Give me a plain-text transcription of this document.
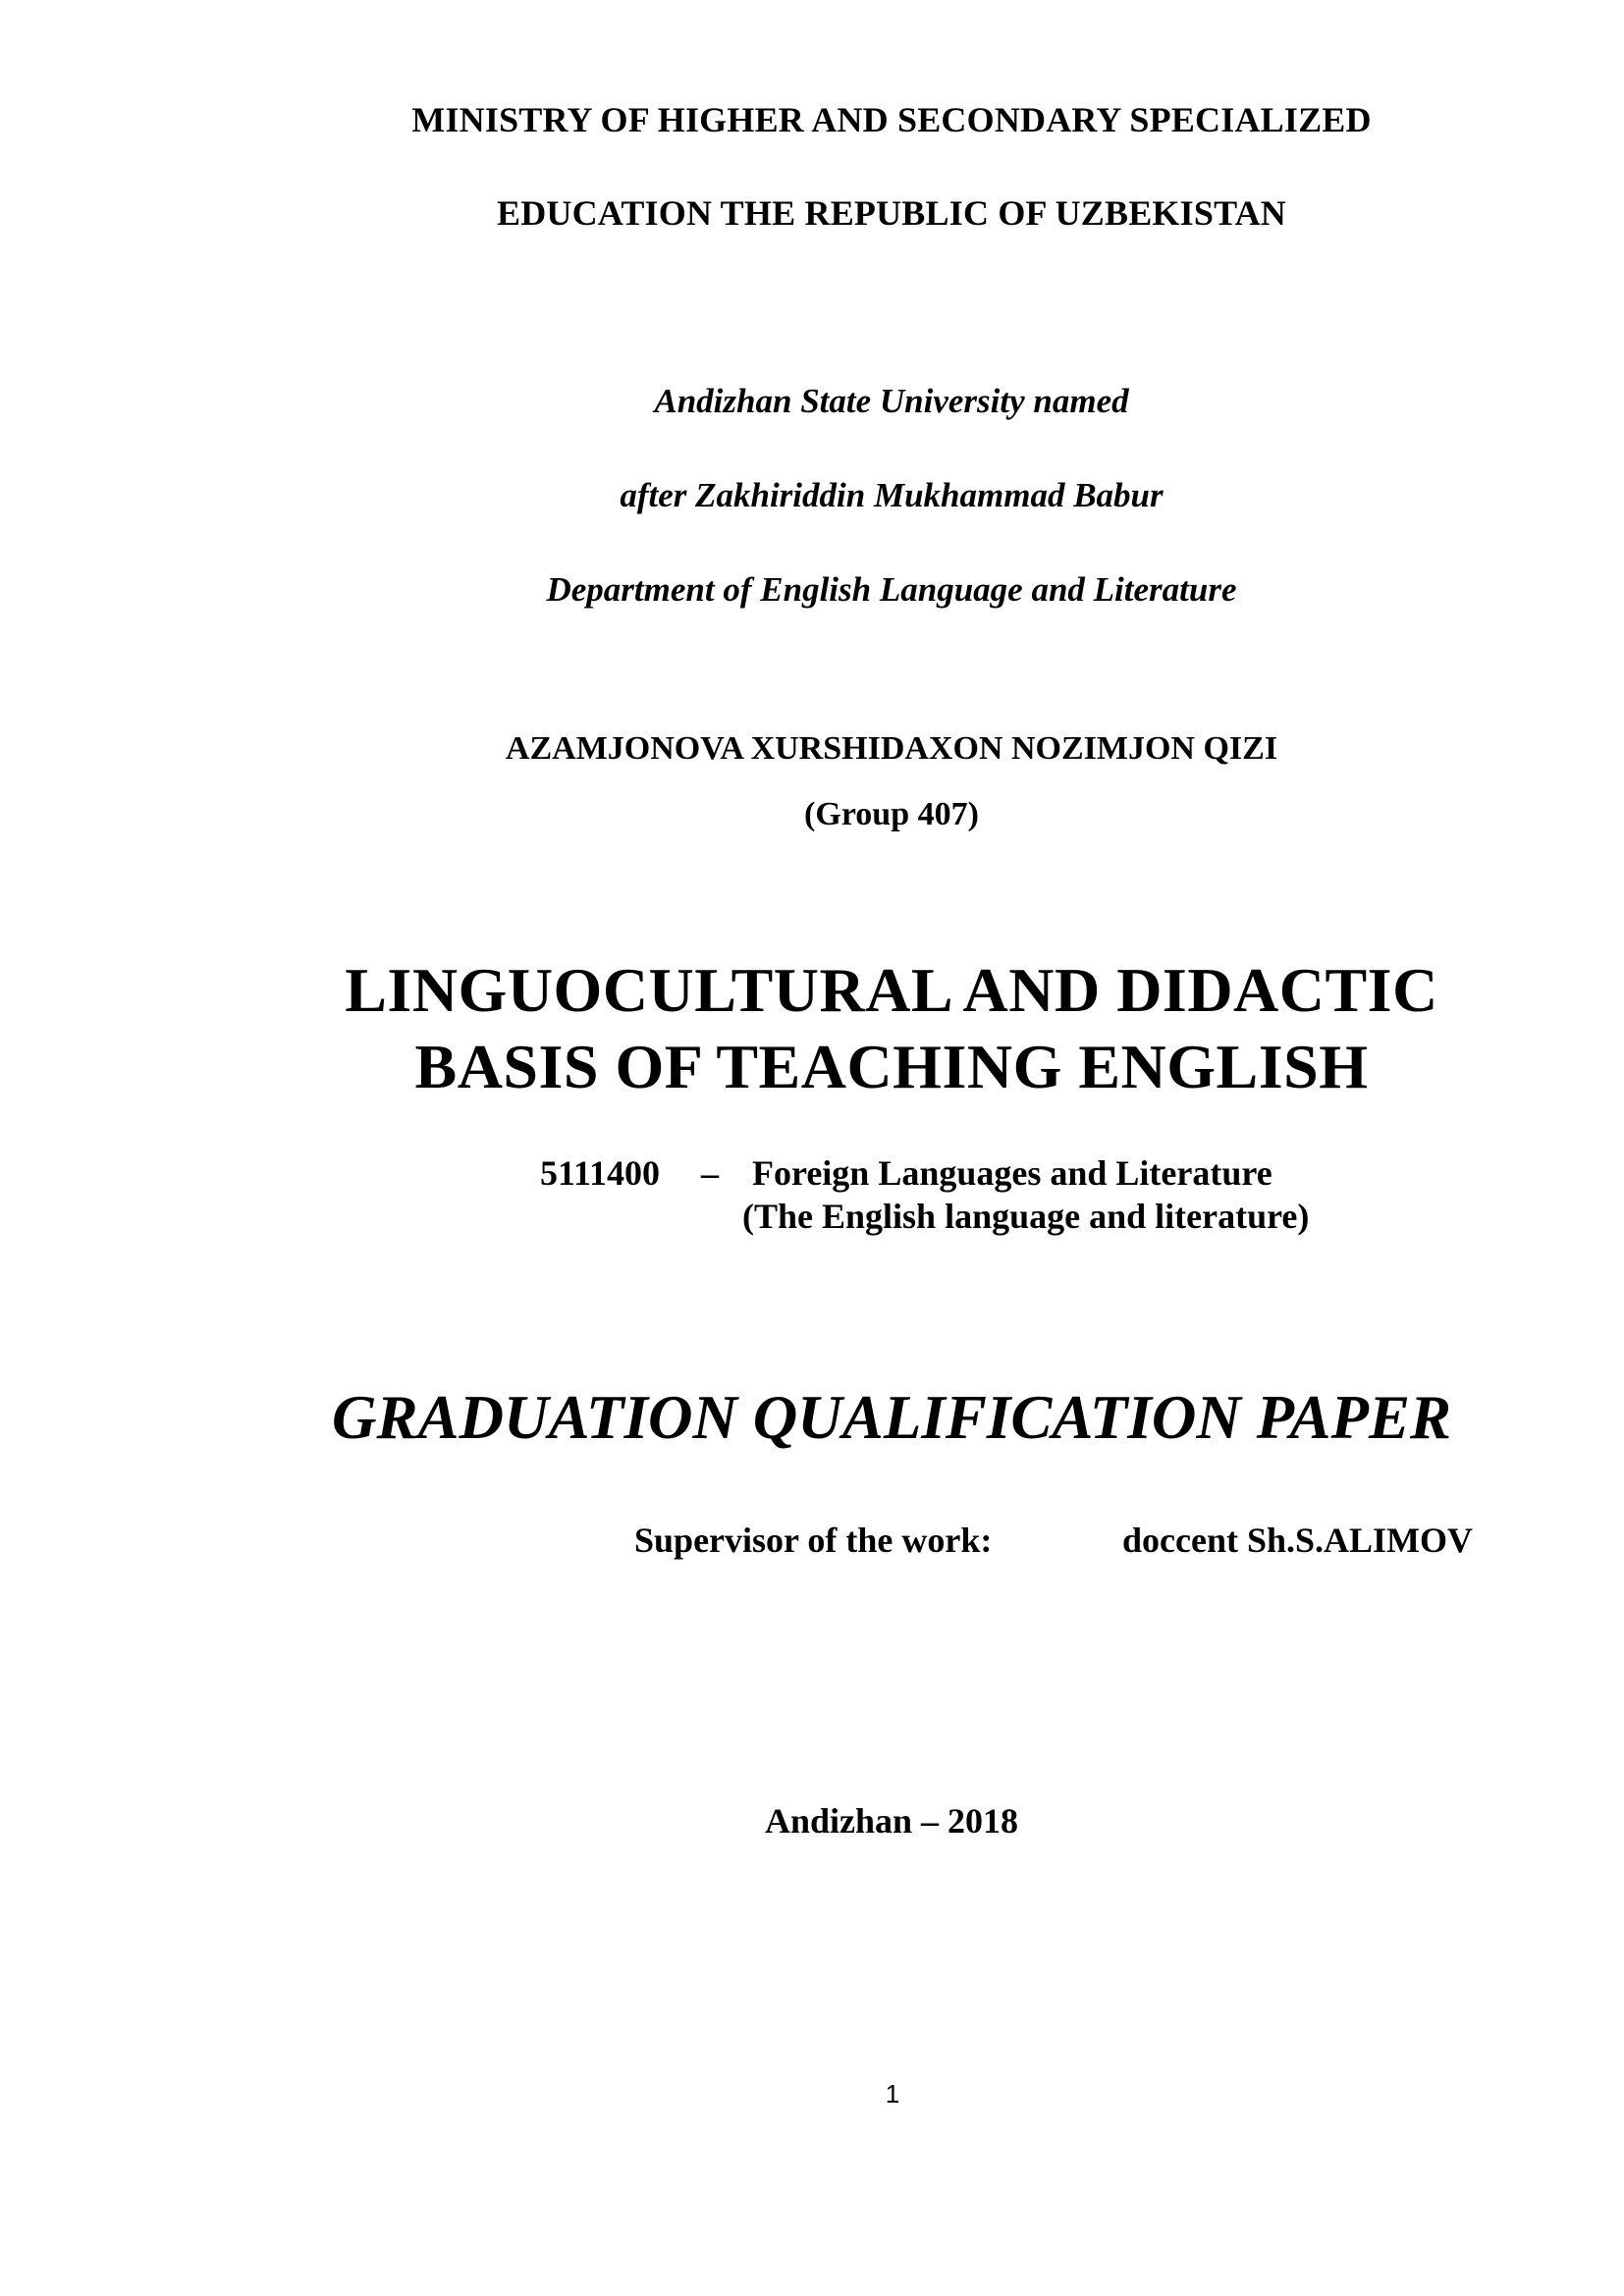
MINISTRY OF HIGHER AND SECONDARY SPECIALIZED
EDUCATION THE REPUBLIC OF UZBEKISTAN
Andizhan State University named
after Zakhiriddin Mukhammad Babur
Department of English Language and Literature
AZAMJONOVA XURSHIDAXON NOZIMJON QIZI
(Group 407)
LINGUOCULTURAL AND DIDACTIC
BASIS OF TEACHING ENGLISH
5111400 – Foreign Languages and Literature
(The English language and literature)
GRADUATION QUALIFICATION PAPER
Supervisor of the work:	doccent Sh.S.ALIMOV
Andizhan – 2018
1
